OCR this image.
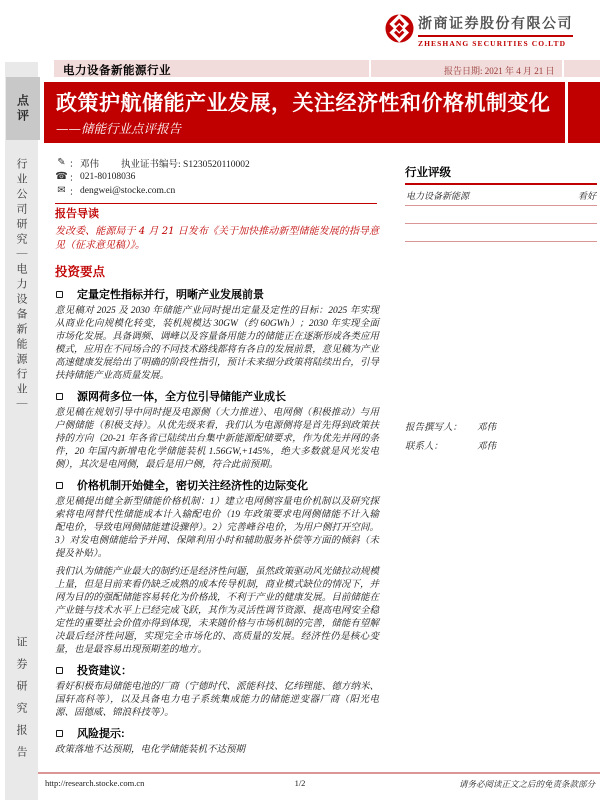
点评
行业公司研究｜电力设备新能源行业｜
证券研究报告
浙商证券股份有限公司
ZHESHANG SECURITIES CO.LTD
电力设备新能源行业	报告日期: 2021 年 4 月 21 日
政策护航储能产业发展，关注经济性和价格机制变化
——储能行业点评报告
✎ ： 邓伟 执业证书编号: S1230520110002
☎ ： 021-80108036
✉ ： dengwei@stocke.com.cn
报告导读
发改委、能源局于 4 月 21 日发布《关于加快推动新型储能发展的指导意见（征求意见稿）》。
投资要点
定量定性指标并行，明晰产业发展前景

意见稿对 2025 及 2030 年储能产业同时提出定量及定性的目标：2025 年实现从商业化向规模化转变，装机规模达 30GW（约 60GWh）；2030 年实现全面市场化发展。具备调频、调峰以及容量备用能力的储能正在逐渐形成各类应用模式，应用在不同场合的不同技术路线都将有各自的发展前景，意见稿为产业高速健康发展给出了明确的阶段性指引，预计未来细分政策将陆续出台，引导扶持储能产业高质量发展。

源网荷多位一体，全方位引导储能产业成长

意见稿在规划引导中同时提及电源侧（大力推进）、电网侧（积极推动）与用户侧储能（积极支持）。从优先级来看，我们认为电源侧将是首先得到政策扶持的方向（20-21 年各省已陆续出台集中新能源配储要求，作为优先并网的条件，20 年国内新增电化学储能装机 1.56GW,+145%，绝大多数就是风光发电侧），其次是电网侧，最后是用户侧，符合此前预期。

价格机制开始健全，密切关注经济性的边际变化

意见稿提出健全新型储能价格机制：1）建立电网侧容量电价机制以及研究探索将电网替代性储能成本计入输配电价（19 年政策要求电网侧储能不计入输配电价，导致电网侧储能建设骤停）。2）完善峰谷电价，为用户侧打开空间。3）对发电侧储能给予并网、保障利用小时和辅助服务补偿等方面的倾斜（未提及补贴）。

我们认为储能产业最大的制约还是经济性问题，虽然政策驱动风光储拉动规模上量，但是目前来看仍缺乏成熟的成本传导机制，商业模式缺位的情况下，并网为目的的强配储能容易转化为价格战，不利于产业的健康发展。目前储能在产业链与技术水平上已经完成飞跃，其作为灵活性调节资源、提高电网安全稳定性的重要社会价值亦得到体现，未来随价格与市场机制的完善，储能有望解决最后经济性问题，实现完全市场化的、高质量的发展。经济性仍是核心变量，也是最容易出现预期差的地方。

投资建议：

看好积极布局储能电池的厂商（宁德时代、派能科技、亿纬锂能、德方纳米、国轩高科等），以及具备电力电子系统集成能力的储能逆变器厂商（阳光电源、固德威、锦浪科技等）。

风险提示:

政策落地不达预期，电化学储能装机不达预期

行业评级
电力设备新能源	看好
报告撰写人：	邓伟
联系人：	邓伟
http://research.stocke.com.cn	1/2	请务必阅读正文之后的免责条款部分
